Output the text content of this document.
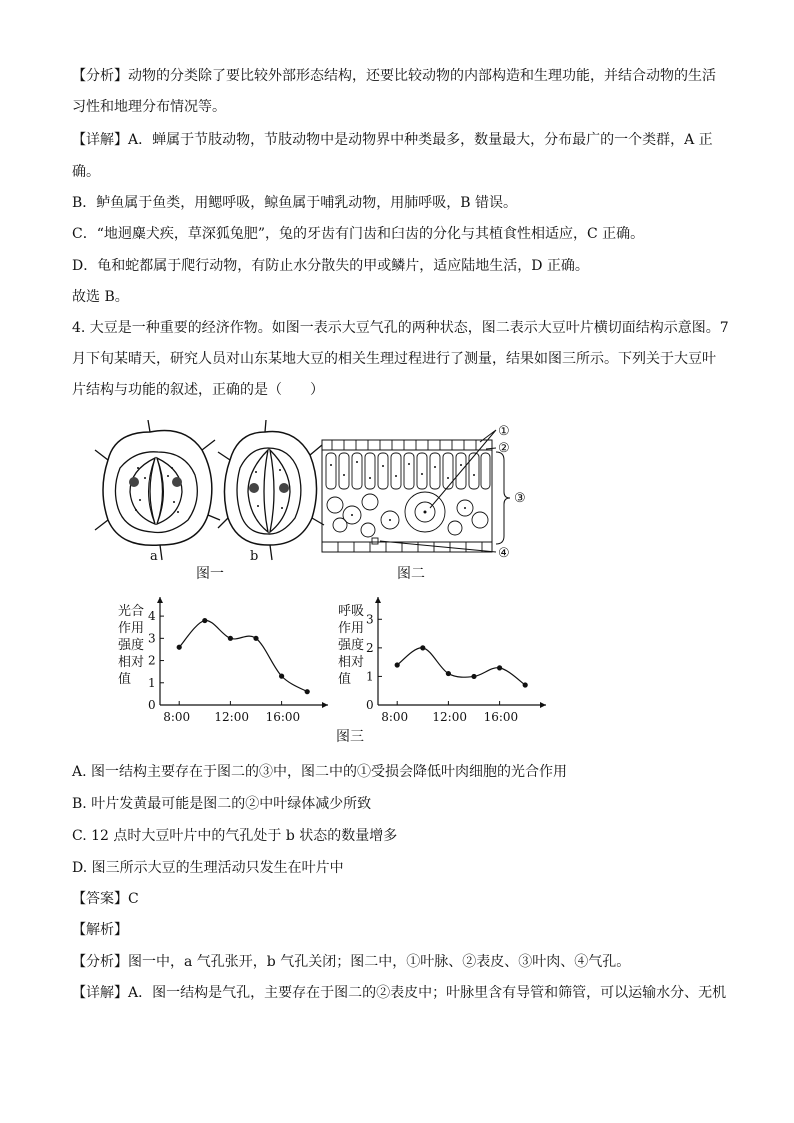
【分析】动物的分类除了要比较外部形态结构，还要比较动物的内部构造和生理功能，并结合动物的生活
习性和地理分布情况等。
【详解】A．蝉属于节肢动物，节肢动物中是动物界中种类最多，数量最大，分布最广的一个类群，A 正
确。
B．鲈鱼属于鱼类，用鳃呼吸，鲸鱼属于哺乳动物，用肺呼吸，B 错误。
C．“地迥麋犬疾，草深狐兔肥”，兔的牙齿有门齿和臼齿的分化与其植食性相适应，C 正确。
D．龟和蛇都属于爬行动物，有防止水分散失的甲或鳞片，适应陆地生活，D 正确。
故选 B。
4. 大豆是一种重要的经济作物。如图一表示大豆气孔的两种状态，图二表示大豆叶片横切面结构示意图。7
月下旬某晴天，研究人员对山东某地大豆的相关生理过程进行了测量，结果如图三所示。下列关于大豆叶
片结构与功能的叙述，正确的是（　　）
a	b
①
②
③
④
图一	图二
0
1
2
3
4
8:00 12:00 16:00
光合
作用
强度
相对
值
0
1
2
3
8:00 12:00 16:00
呼吸
作用
强度
相对
值
图三
A. 图一结构主要存在于图二的③中，图二中的①受损会降低叶肉细胞的光合作用
B. 叶片发黄最可能是图二的②中叶绿体减少所致
C. 12 点时大豆叶片中的气孔处于 b 状态的数量增多
D. 图三所示大豆的生理活动只发生在叶片中
【答案】C
【解析】
【分析】图一中，a 气孔张开，b 气孔关闭；图二中，①叶脉、②表皮、③叶肉、④气孔。
【详解】A．图一结构是气孔，主要存在于图二的②表皮中；叶脉里含有导管和筛管，可以运输水分、无机
